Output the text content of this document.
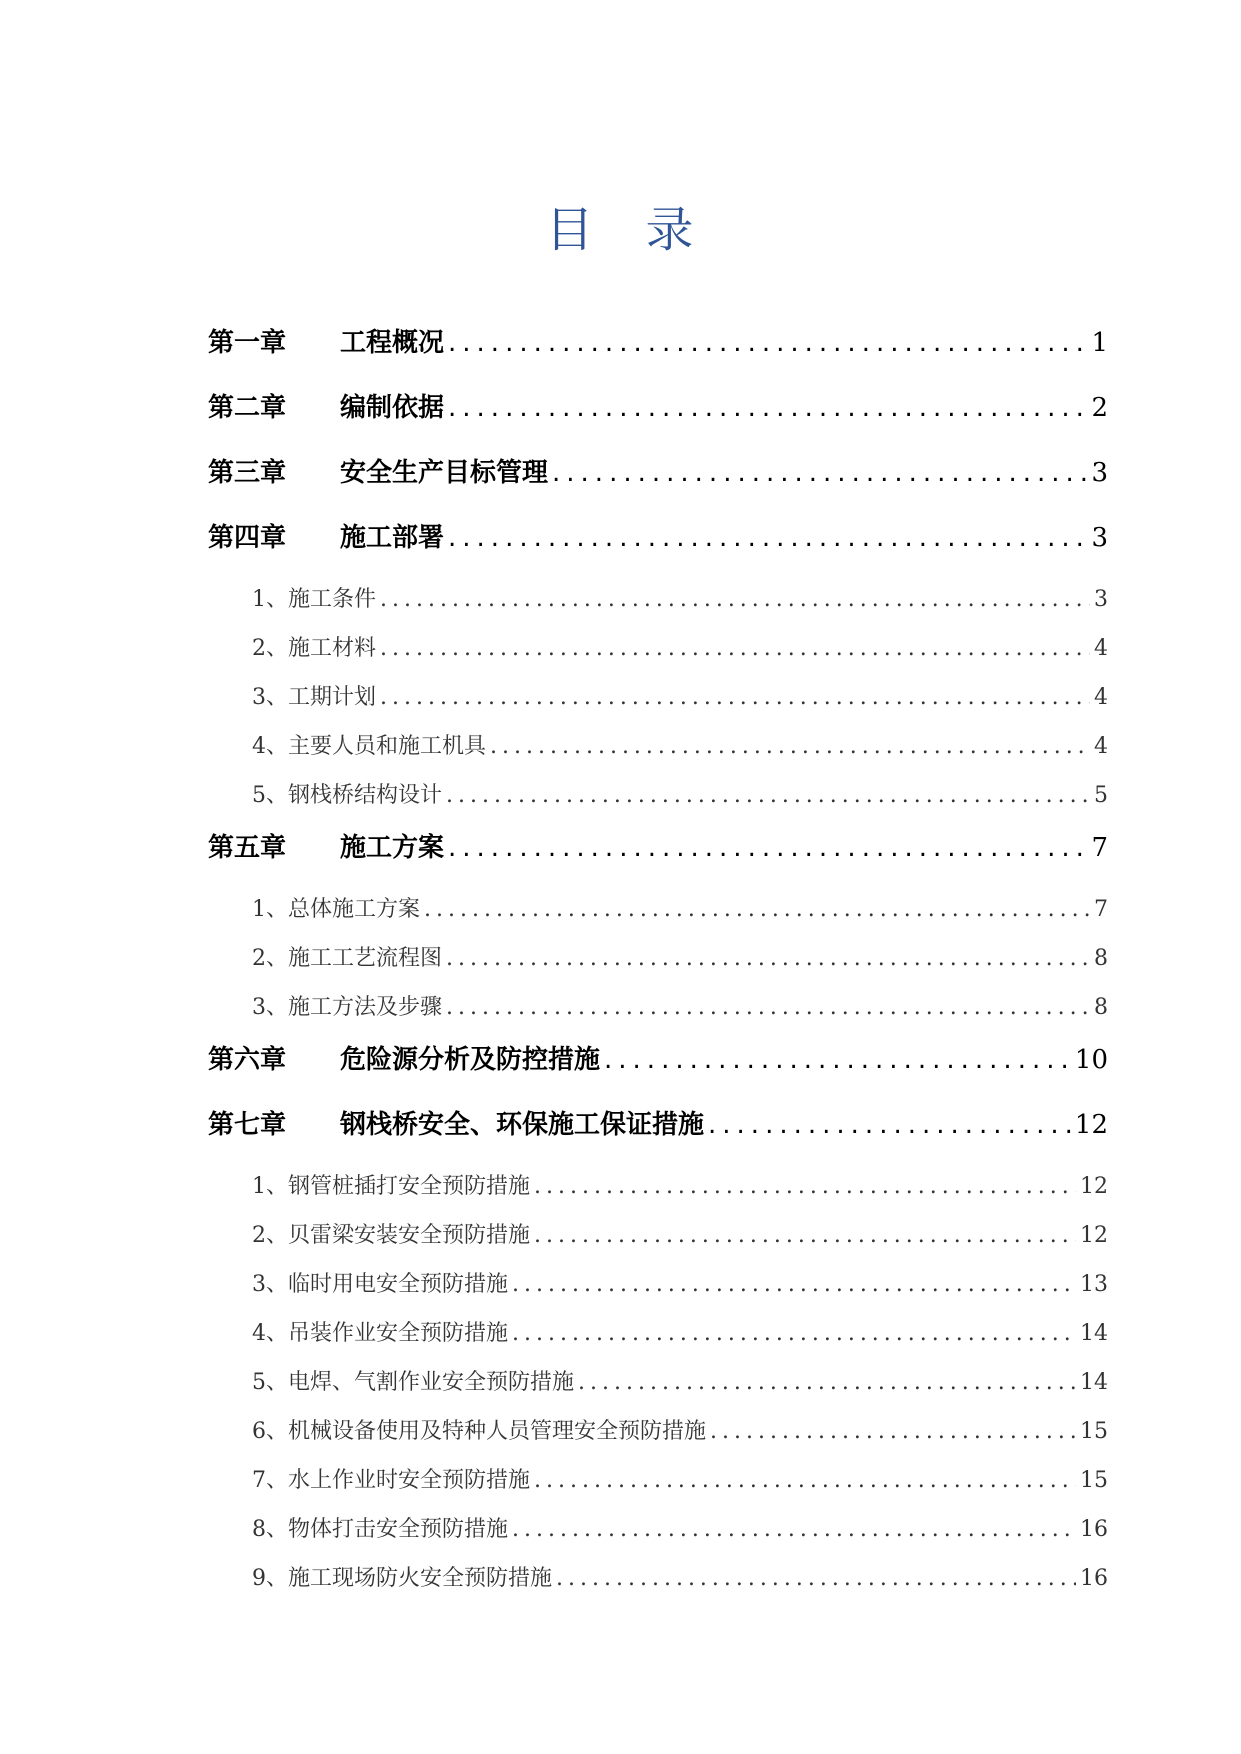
目　录
第一章	工程概况 .....	1
第二章	编制依据 .....	2
第三章	安全生产目标管理 .....	3
第四章	施工部署 .....	3
1、 施工条件 .....	3
2、 施工材料 .....	4
3、 工期计划 .....	4
4、 主要人员和施工机具 .....	4
5、 钢栈桥结构设计 .....	5
第五章	施工方案 .....	7
1、 总体施工方案 .....	7
2、 施工工艺流程图 .....	8
3、 施工方法及步骤 .....	8
第六章	危险源分析及防控措施 .....	10
第七章	钢栈桥安全、环保施工保证措施 .....	12
1、 钢管桩插打安全预防措施 .....	12
2、 贝雷梁安装安全预防措施 .....	12
3、 临时用电安全预防措施 .....	13
4、 吊装作业安全预防措施 .....	14
5、 电焊、气割作业安全预防措施 .....	14
6、 机械设备使用及特种人员管理安全预防措施 .....	15
7、 水上作业时安全预防措施 .....	15
8、 物体打击安全预防措施 .....	16
9、 施工现场防火安全预防措施 .....	16
